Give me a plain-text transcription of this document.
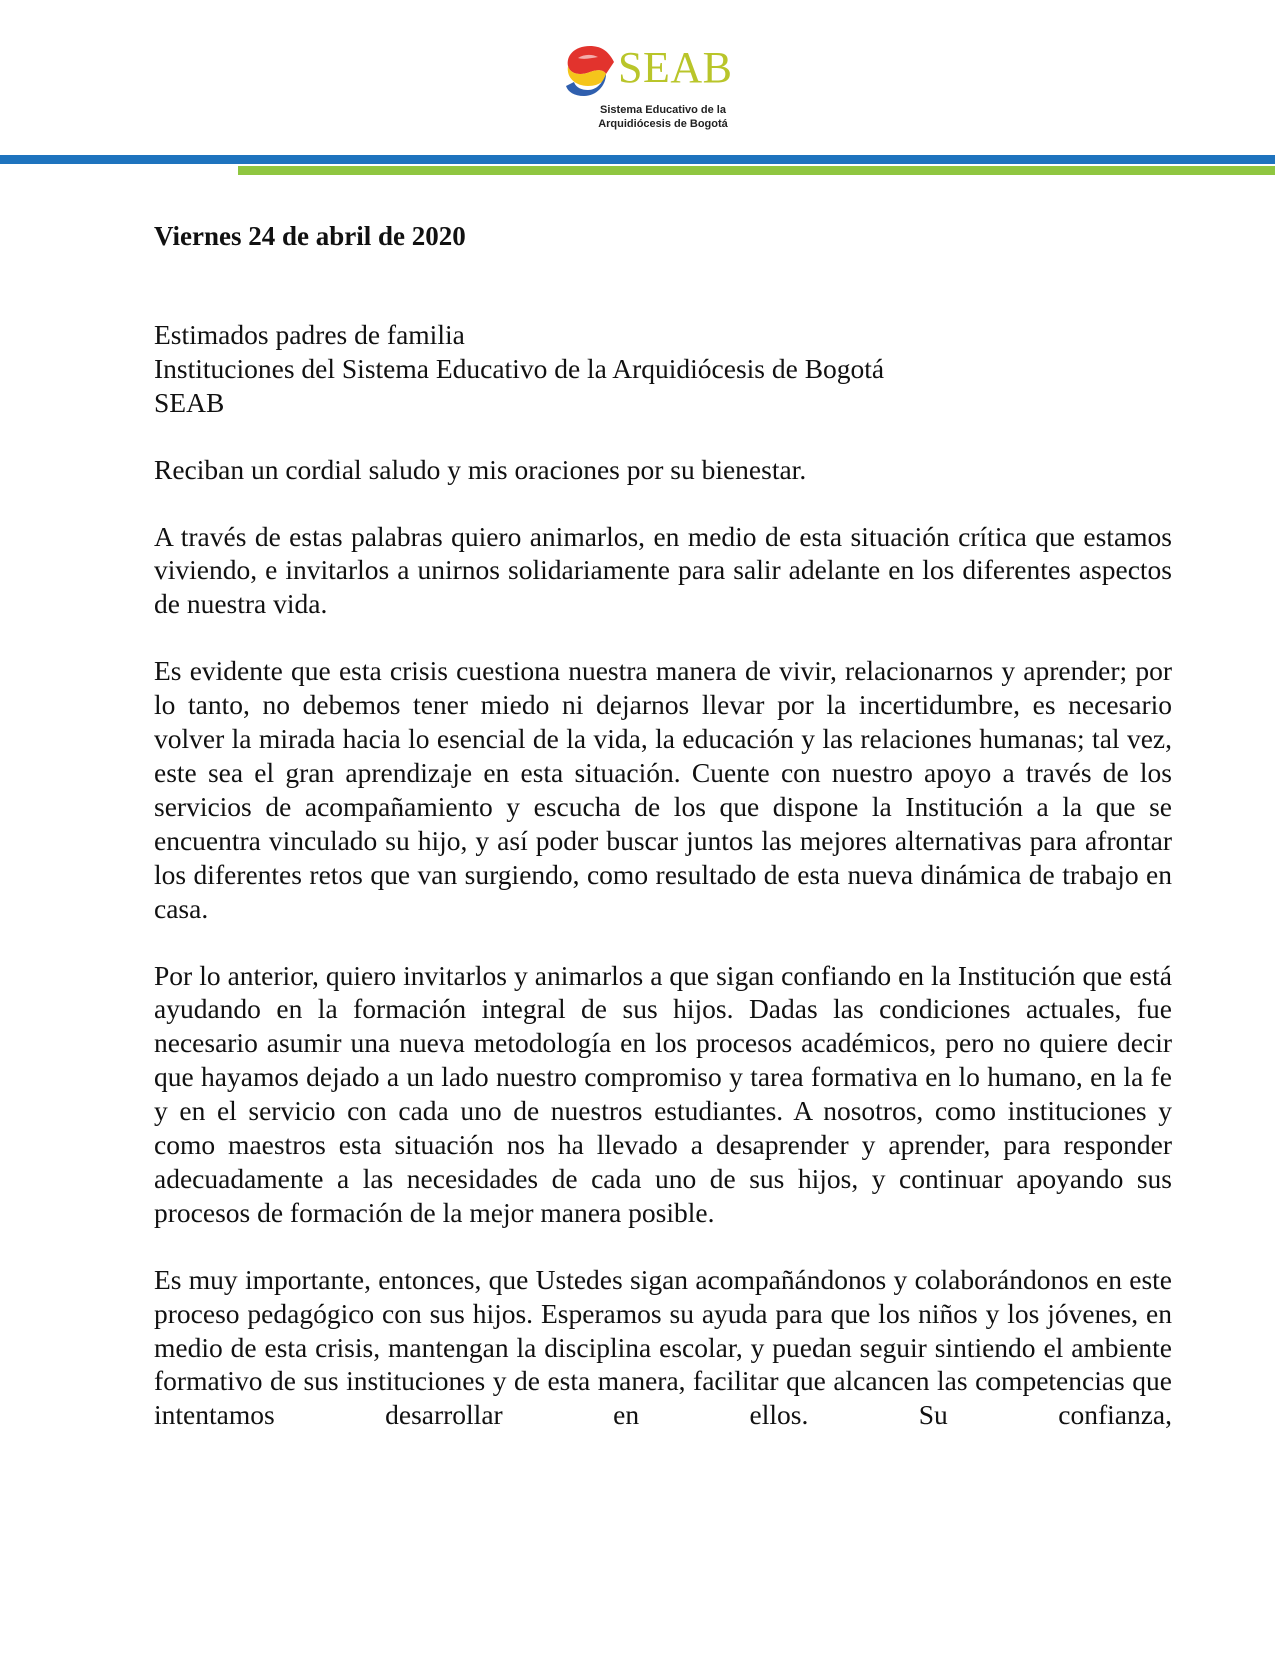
SEAB
Sistema Educativo de la
Arquidiócesis de Bogotá

Viernes 24 de abril de 2020

Estimados padres de familia
Instituciones del Sistema Educativo de la Arquidiócesis de Bogotá
SEAB

Reciban un cordial saludo y mis oraciones por su bienestar.

A través de estas palabras quiero animarlos, en medio de esta situación crítica que estamos viviendo, e invitarlos a unirnos solidariamente para salir adelante en los diferentes aspectos de nuestra vida.

Es evidente que esta crisis cuestiona nuestra manera de vivir, relacionarnos y aprender; por lo tanto, no debemos tener miedo ni dejarnos llevar por la incertidumbre, es necesario volver la mirada hacia lo esencial de la vida, la educación y las relaciones humanas; tal vez, este sea el gran aprendizaje en esta situación. Cuente con nuestro apoyo a través de los servicios de acompañamiento y escucha de los que dispone la Institución a la que se encuentra vinculado su hijo, y así poder buscar juntos las mejores alternativas para afrontar los diferentes retos que van surgiendo, como resultado de esta nueva dinámica de trabajo en casa.

Por lo anterior, quiero invitarlos y animarlos a que sigan confiando en la Institución que está ayudando en la formación integral de sus hijos. Dadas las condiciones actuales, fue necesario asumir una nueva metodología en los procesos académicos, pero no quiere decir que hayamos dejado a un lado nuestro compromiso y tarea formativa en lo humano, en la fe y en el servicio con cada uno de nuestros estudiantes. A nosotros, como instituciones y como maestros esta situación nos ha llevado a desaprender y aprender, para responder adecuadamente a las necesidades de cada uno de sus hijos, y continuar apoyando sus procesos de formación de la mejor manera posible.

Es muy importante, entonces, que Ustedes sigan acompañándonos y colaborándonos en este proceso pedagógico con sus hijos. Esperamos su ayuda para que los niños y los jóvenes, en medio de esta crisis, mantengan la disciplina escolar, y puedan seguir sintiendo el ambiente formativo de sus instituciones y de esta manera, facilitar que alcancen las competencias que intentamos desarrollar en ellos. Su confianza,
